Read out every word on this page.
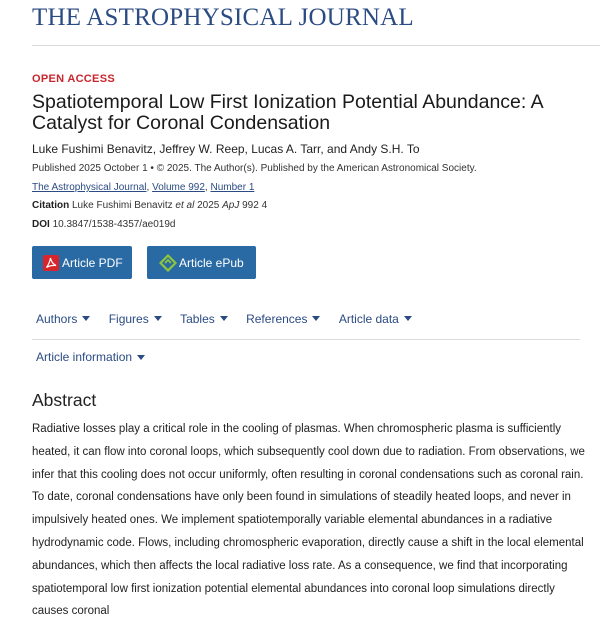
THE ASTROPHYSICAL JOURNAL
OPEN ACCESS
Spatiotemporal Low First Ionization Potential Abundance: A Catalyst for Coronal Condensation
Luke Fushimi Benavitz, Jeffrey W. Reep, Lucas A. Tarr, and Andy S.H. To
Published 2025 October 1 • © 2025. The Author(s). Published by the American Astronomical Society.
The Astrophysical Journal, Volume 992, Number 1
Citation Luke Fushimi Benavitz et al 2025 ApJ 992 4
DOI 10.3847/1538-4357/ae019d
Article PDF	Article ePub
Authors	Figures	Tables	References	Article data
Article information
Abstract
Radiative losses play a critical role in the cooling of plasmas. When chromospheric plasma is sufficiently heated, it can flow into coronal loops, which subsequently cool down due to radiation. From observations, we infer that this cooling does not occur uniformly, often resulting in coronal condensations such as coronal rain. To date, coronal condensations have only been found in simulations of steadily heated loops, and never in impulsively heated ones. We implement spatiotemporally variable elemental abundances in a radiative hydrodynamic code. Flows, including chromospheric evaporation, directly cause a shift in the local elemental abundances, which then affects the local radiative loss rate. As a consequence, we find that incorporating spatiotemporal low first ionization potential elemental abundances into coronal loop simulations directly causes coronal
